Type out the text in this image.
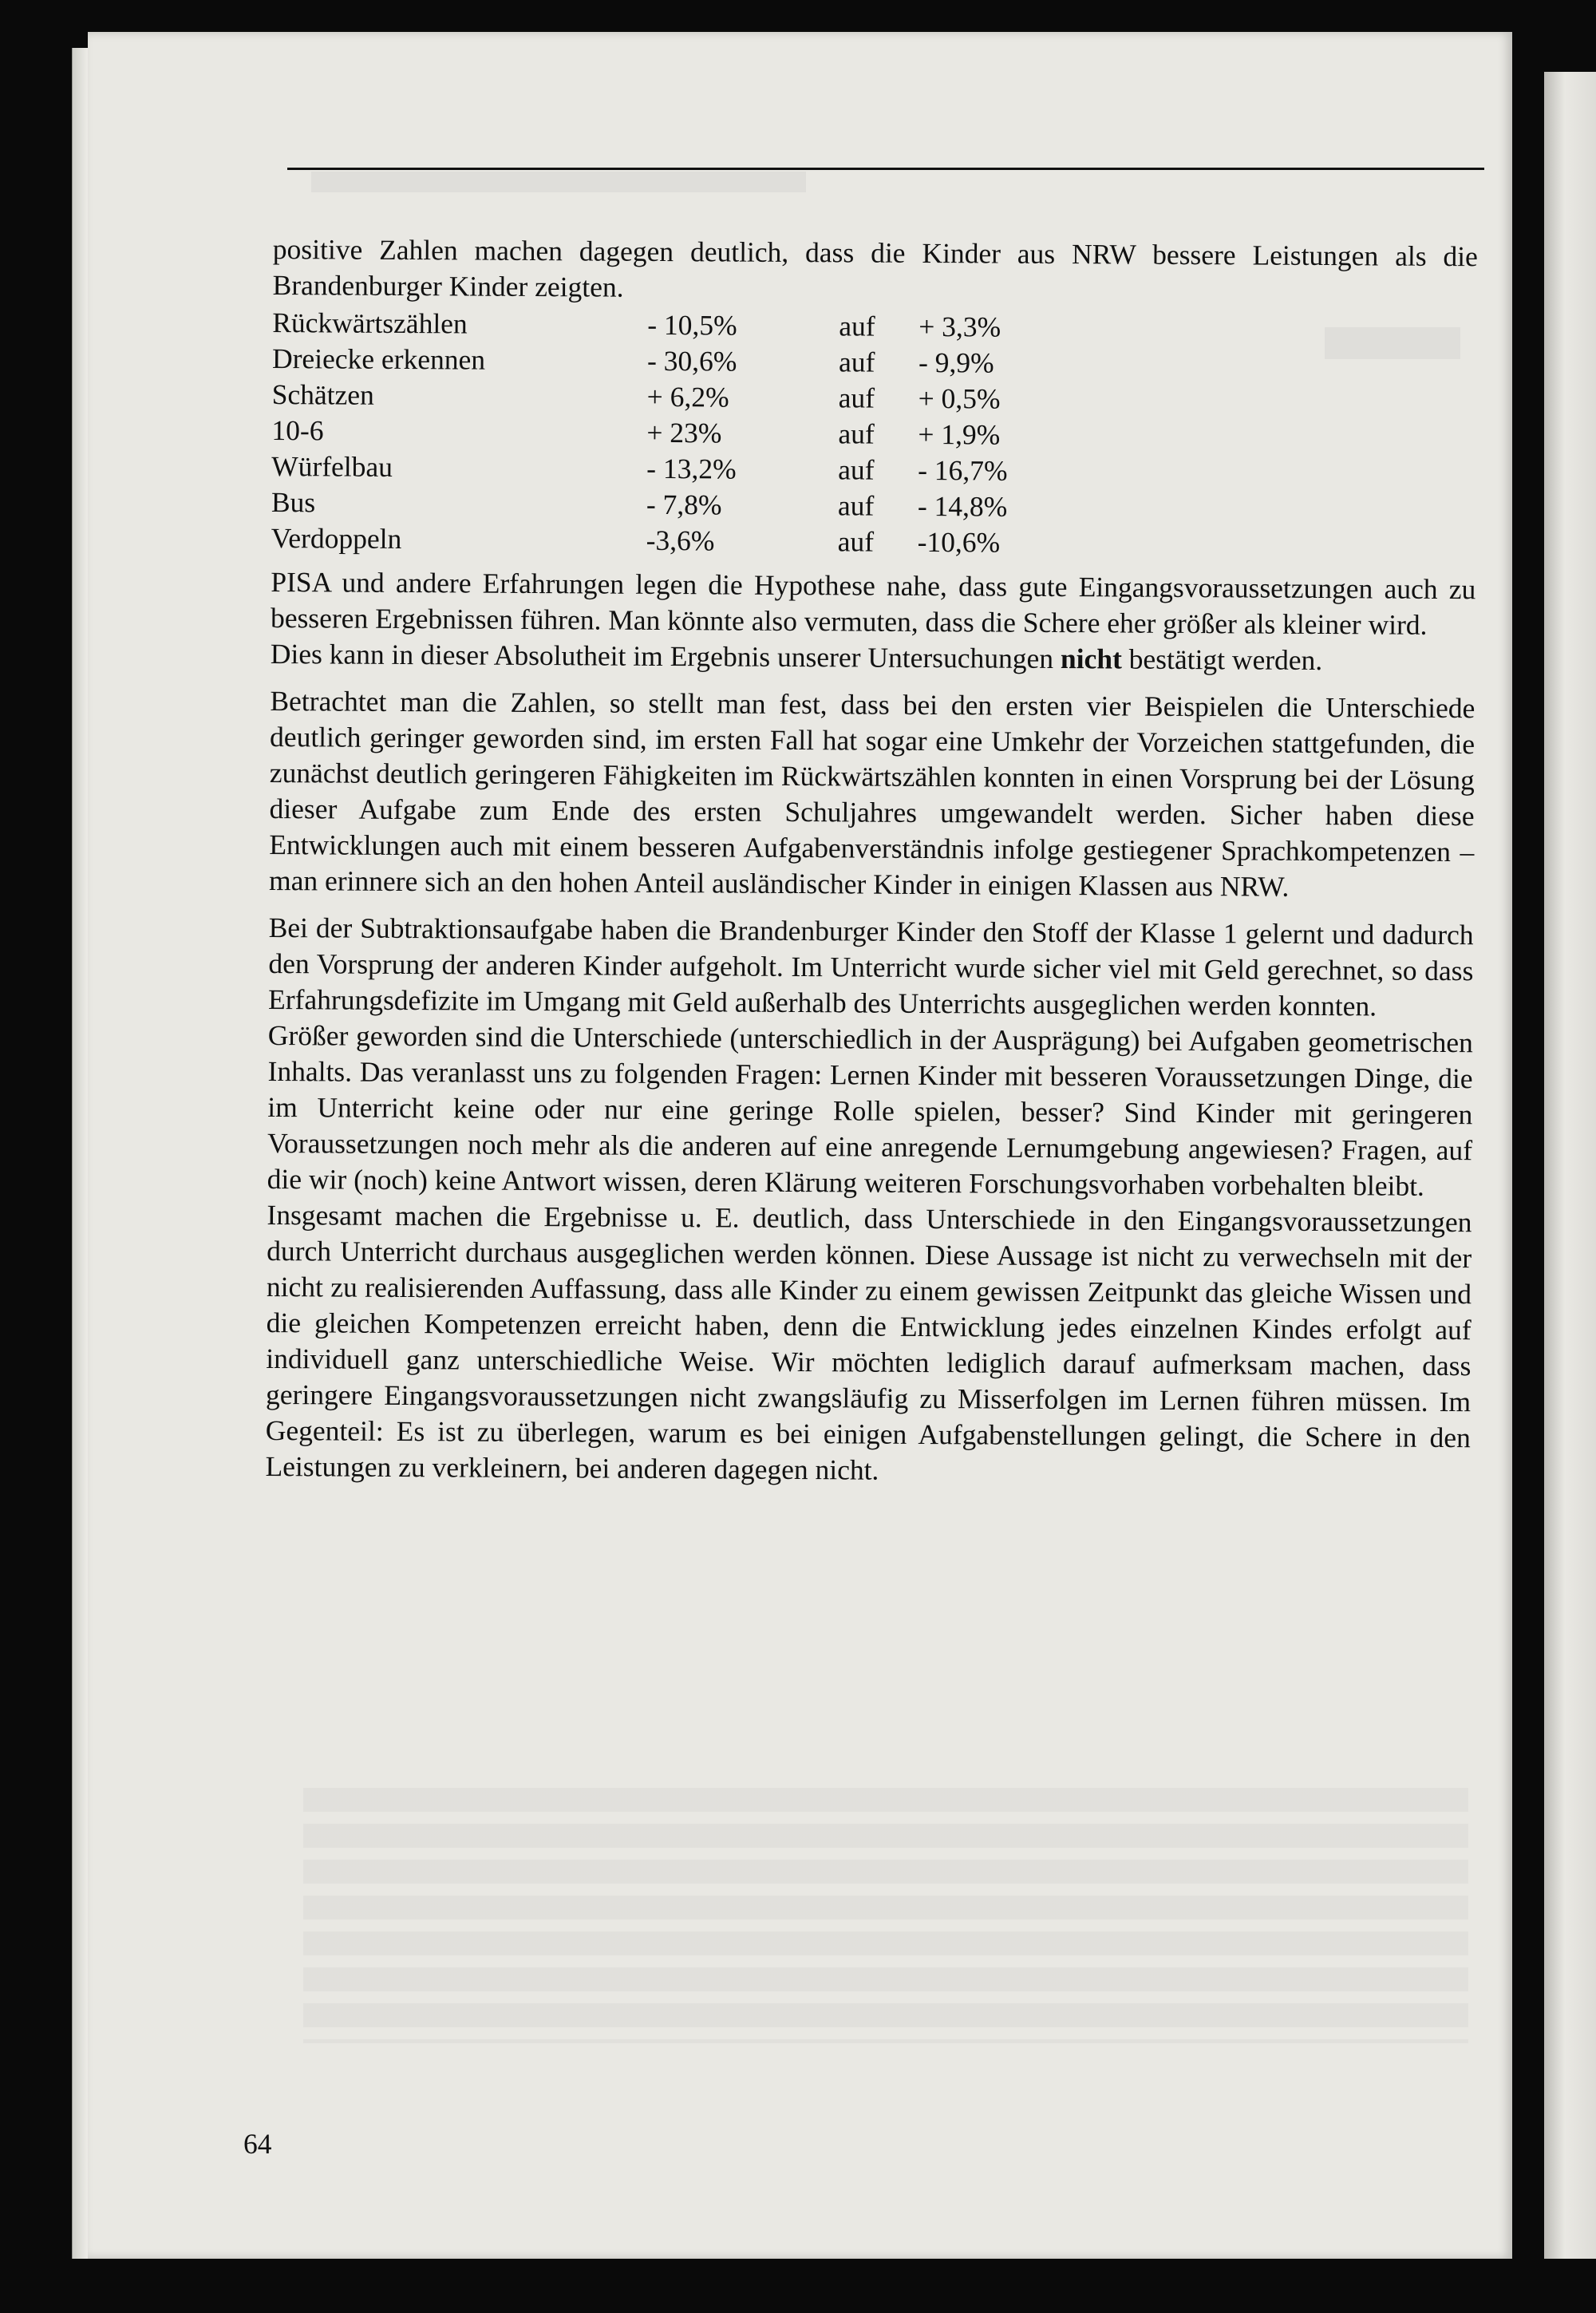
positive Zahlen machen dagegen deutlich, dass die Kinder aus NRW bessere Leistungen als die Brandenburger Kinder zeigten.

Rückwärtszählen	- 10,5%	auf	+ 3,3%
Dreiecke erkennen	- 30,6%	auf	- 9,9%
Schätzen	+ 6,2%	auf	+ 0,5%
10-6	+ 23%	auf	+ 1,9%
Würfelbau	- 13,2%	auf	- 16,7%
Bus	- 7,8%	auf	- 14,8%
Verdoppeln	-3,6%	auf	-10,6%

PISA und andere Erfahrungen legen die Hypothese nahe, dass gute Eingangsvoraussetzungen auch zu besseren Ergebnissen führen. Man könnte also vermuten, dass die Schere eher größer als kleiner wird.

Dies kann in dieser Absolutheit im Ergebnis unserer Untersuchungen nicht bestätigt werden.

Betrachtet man die Zahlen, so stellt man fest, dass bei den ersten vier Beispielen die Unterschiede deutlich geringer geworden sind, im ersten Fall hat sogar eine Umkehr der Vorzeichen stattgefunden, die zunächst deutlich geringeren Fähigkeiten im Rückwärtszählen konnten in einen Vorsprung bei der Lösung dieser Aufgabe zum Ende des ersten Schuljahres umgewandelt werden. Sicher haben diese Entwicklungen auch mit einem besseren Aufgabenverständnis infolge gestiegener Sprachkompetenzen – man erinnere sich an den hohen Anteil ausländischer Kinder in einigen Klassen aus NRW.

Bei der Subtraktionsaufgabe haben die Brandenburger Kinder den Stoff der Klasse 1 gelernt und dadurch den Vorsprung der anderen Kinder aufgeholt. Im Unterricht wurde sicher viel mit Geld gerechnet, so dass Erfahrungsdefizite im Umgang mit Geld außerhalb des Unterrichts ausgeglichen werden konnten.

Größer geworden sind die Unterschiede (unterschiedlich in der Ausprägung) bei Aufgaben geometrischen Inhalts. Das veranlasst uns zu folgenden Fragen: Lernen Kinder mit besseren Voraussetzungen Dinge, die im Unterricht keine oder nur eine geringe Rolle spielen, besser? Sind Kinder mit geringeren Voraussetzungen noch mehr als die anderen auf eine anregende Lernumgebung angewiesen? Fragen, auf die wir (noch) keine Antwort wissen, deren Klärung weiteren Forschungsvorhaben vorbehalten bleibt.

Insgesamt machen die Ergebnisse u. E. deutlich, dass Unterschiede in den Eingangsvoraussetzungen durch Unterricht durchaus ausgeglichen werden können. Diese Aussage ist nicht zu verwechseln mit der nicht zu realisierenden Auffassung, dass alle Kinder zu einem gewissen Zeitpunkt das gleiche Wissen und die gleichen Kompetenzen erreicht haben, denn die Entwicklung jedes einzelnen Kindes erfolgt auf individuell ganz unterschiedliche Weise. Wir möchten lediglich darauf aufmerksam machen, dass geringere Eingangsvoraussetzungen nicht zwangsläufig zu Misserfolgen im Lernen führen müssen. Im Gegenteil: Es ist zu überlegen, warum es bei einigen Aufgabenstellungen gelingt, die Schere in den Leistungen zu verkleinern, bei anderen dagegen nicht.

64
